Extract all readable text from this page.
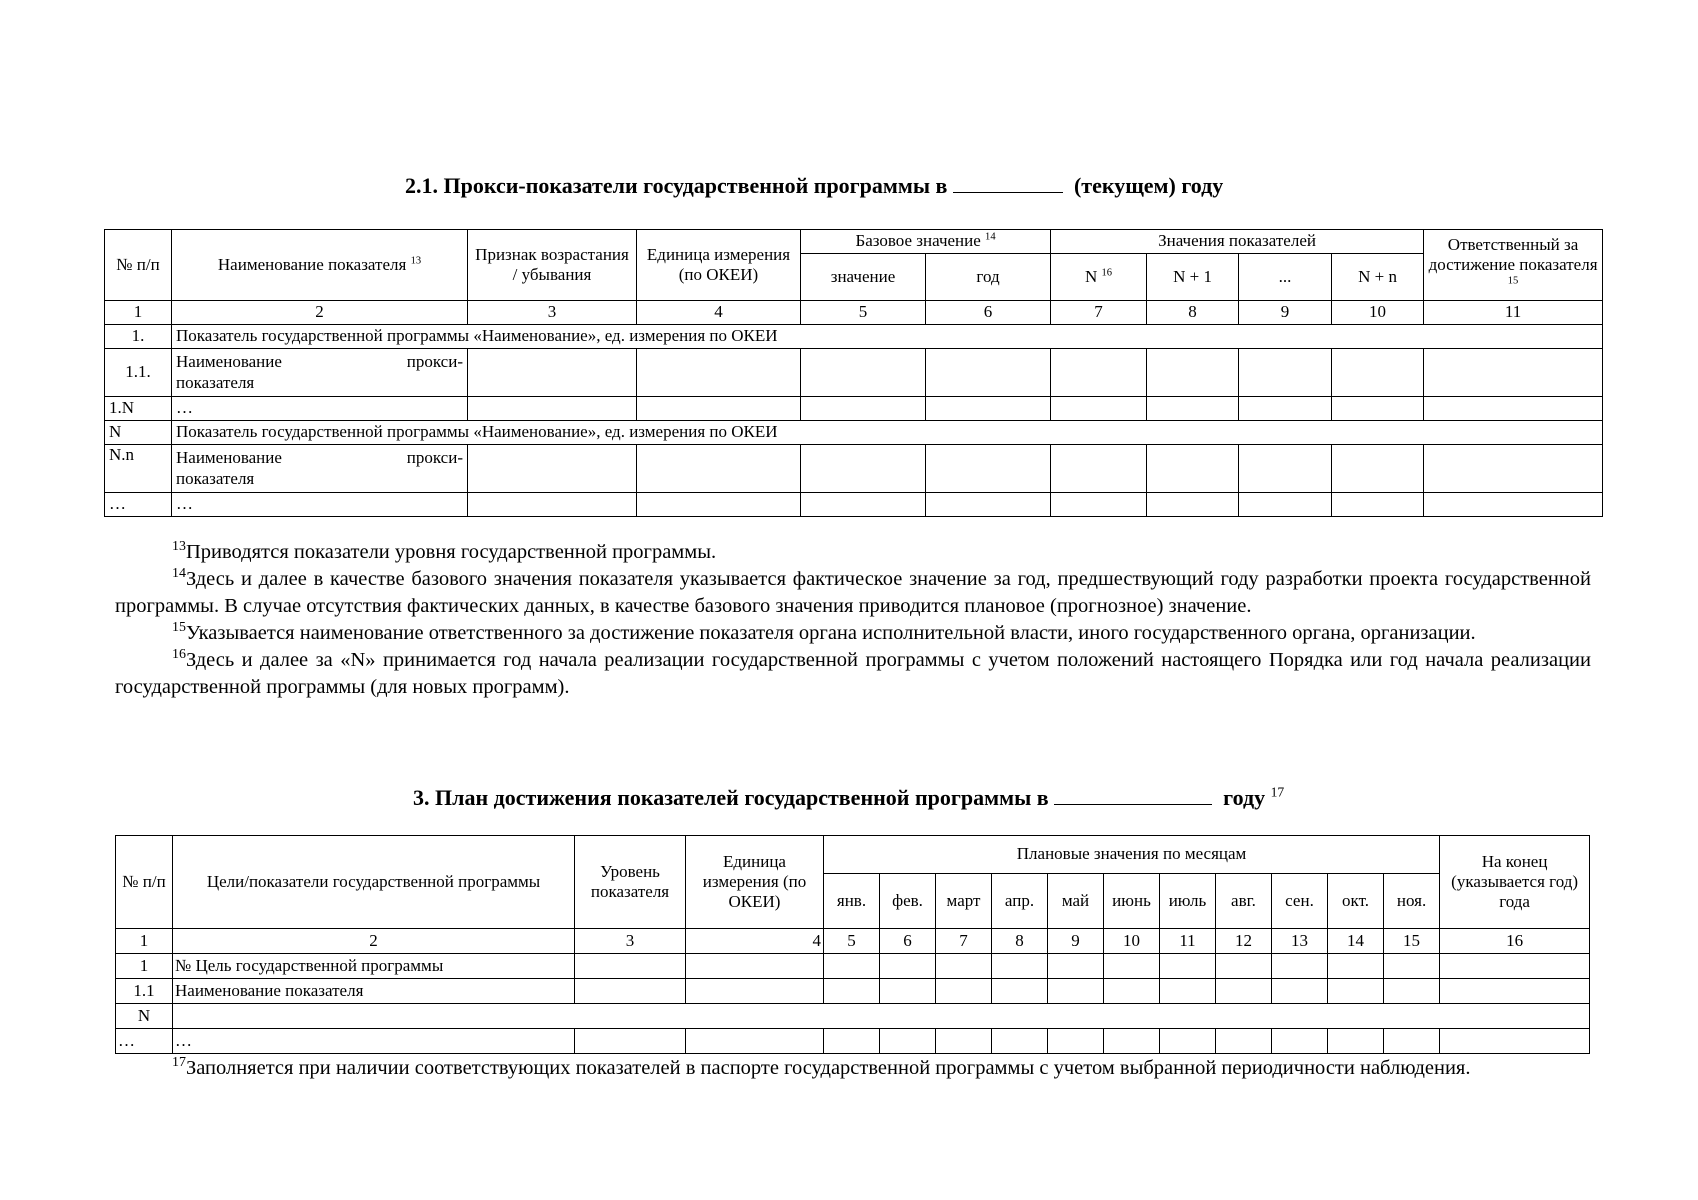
2.1. Прокси-показатели государственной программы в	(текущем) году
№ п/п	Наименование показателя $^{13}$	Признак возрастания / убывания	Единица измерения (по ОКЕИ)	Базовое значение $^{14}$		Значения показателей				Ответственный за достижение показателя $^{15}$
				значение	год	N $^{16}$	N + 1	...	N + n	
1	2	3	4	5	6	7	8	9	10	11
1.	Показатель государственной программы «Наименование», ед. измерения по ОКЕИ									
1.1.	Наименование прокси-
показателя									

1.N	…									
N	Показатель государственной программы «Наименование», ед. измерения по ОКЕИ									
N.n	Наименование прокси-
показателя									

…	…									

$^{13}$Приводятся показатели уровня государственной программы.

$^{14}$Здесь и далее в качестве базового значения показателя указывается фактическое значение за год, предшествующий году разработки проекта государственной программы. В случае отсутствия фактических данных, в качестве базового значения приводится плановое (прогнозное) значение.

$^{15}$Указывается наименование ответственного за достижение показателя органа исполнительной власти, иного государственного органа, организации.

$^{16}$Здесь и далее за «N» принимается год начала реализации государственной программы с учетом положений настоящего Порядка или год начала реализации государственной программы (для новых программ).

3. План достижения показателей государственной программы в	году $^{17}$
№ п/п	Цели/показатели государственной программы	Уровень показателя	Единица измерения (по ОКЕИ)	Плановые значения по месяцам											На конец (указывается год) года
				янв.	фев.	март	апр.	май	июнь	июль	авг.	сен.	окт.	ноя.	
1	2	3	4	5	6	7	8	9	10	11	12	13	14	15	16
1	№ Цель государственной программы														
1.1	Наименование показателя														
N															
…	…														

$^{17}$Заполняется при наличии соответствующих показателей в паспорте государственной программы с учетом выбранной периодичности наблюдения.
